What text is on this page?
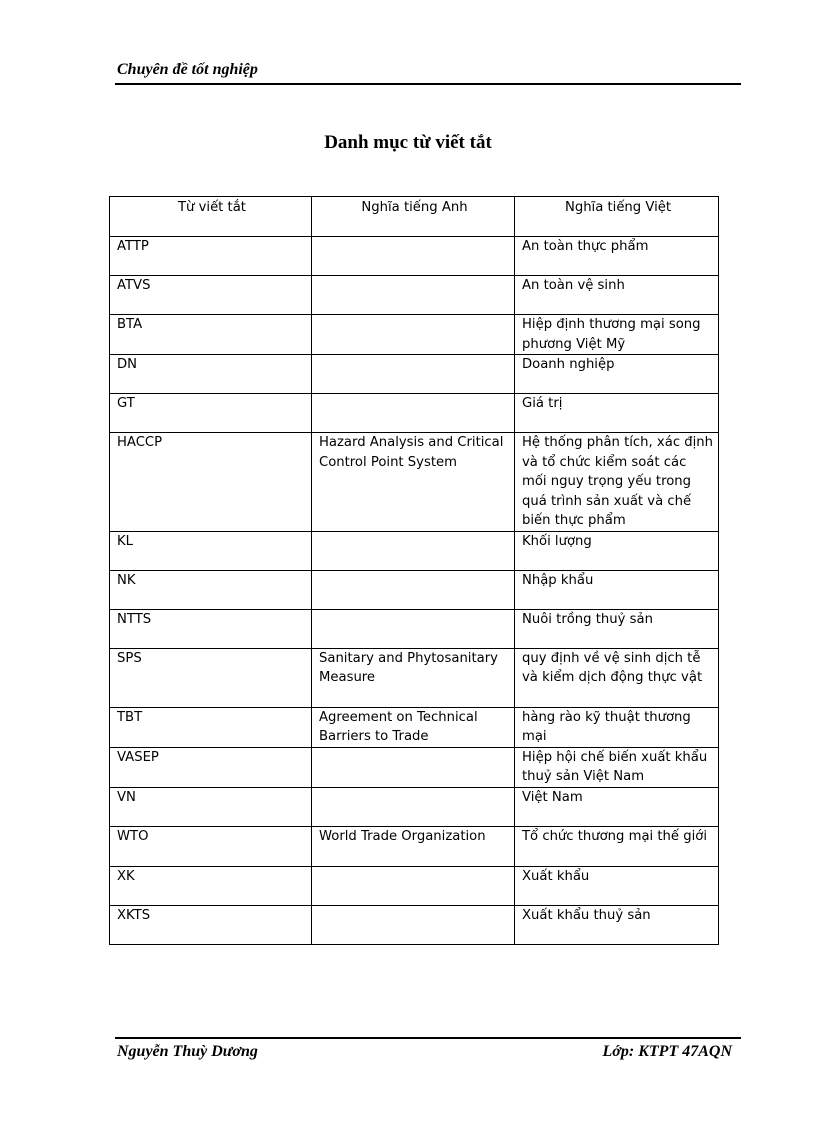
Chuyên đề tốt nghiệp
Danh mục từ viết tắt
Từ viết tắt	Nghĩa tiếng Anh	Nghĩa tiếng Việt
ATTP		An toàn thực phẩm
ATVS		An toàn vệ sinh
BTA		Hiệp định thương mại song phương Việt Mỹ
DN		Doanh nghiệp
GT		Giá trị
HACCP	Hazard Analysis and Critical Control Point System	Hệ thống phân tích, xác định và tổ chức kiểm soát các mối nguy trọng yếu trong quá trình sản xuất và chế biến thực phẩm
KL		Khối lượng
NK		Nhập khẩu
NTTS		Nuôi trồng thuỷ sản
SPS	Sanitary and Phytosanitary Measure	quy định về vệ sinh dịch tễ và kiểm dịch động thực vật
TBT	Agreement on Technical Barriers to Trade	hàng rào kỹ thuật thương mại
VASEP		Hiệp hội chế biến xuất khẩu thuỷ sản Việt Nam
VN		Việt Nam
WTO	World Trade Organization	Tổ chức thương mại thế giới
XK		Xuất khẩu
XKTS		Xuất khẩu thuỷ sản
Nguyễn Thuỳ Dương	Lớp: KTPT 47AQN
